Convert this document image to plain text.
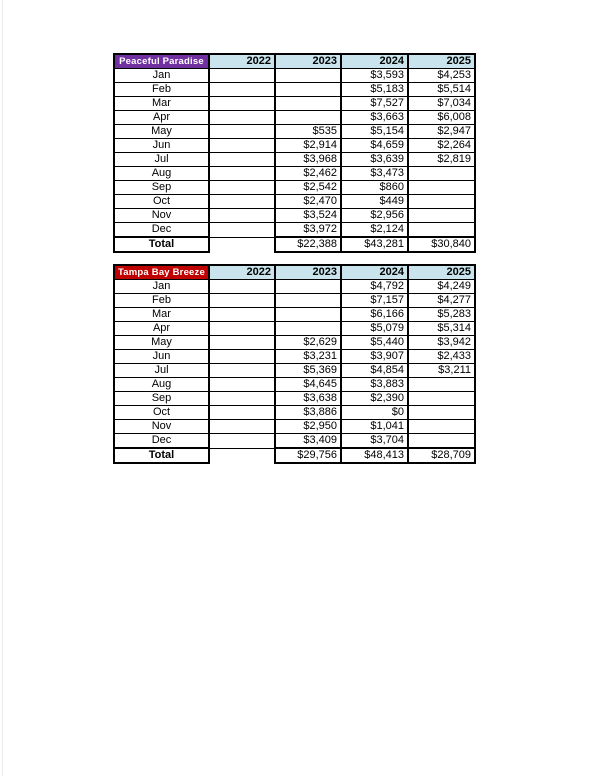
Peaceful Paradise	2022	2023	2024	2025
Jan			$3,593	$4,253
Feb			$5,183	$5,514
Mar			$7,527	$7,034
Apr			$3,663	$6,008
May		$535	$5,154	$2,947
Jun		$2,914	$4,659	$2,264
Jul		$3,968	$3,639	$2,819
Aug		$2,462	$3,473	
Sep		$2,542	$860	
Oct		$2,470	$449	
Nov		$3,524	$2,956	
Dec		$3,972	$2,124	
Total		$22,388	$43,281	$30,840
Tampa Bay Breeze	2022	2023	2024	2025
Jan			$4,792	$4,249
Feb			$7,157	$4,277
Mar			$6,166	$5,283
Apr			$5,079	$5,314
May		$2,629	$5,440	$3,942
Jun		$3,231	$3,907	$2,433
Jul		$5,369	$4,854	$3,211
Aug		$4,645	$3,883	
Sep		$3,638	$2,390	
Oct		$3,886	$0	
Nov		$2,950	$1,041	
Dec		$3,409	$3,704	
Total		$29,756	$48,413	$28,709
